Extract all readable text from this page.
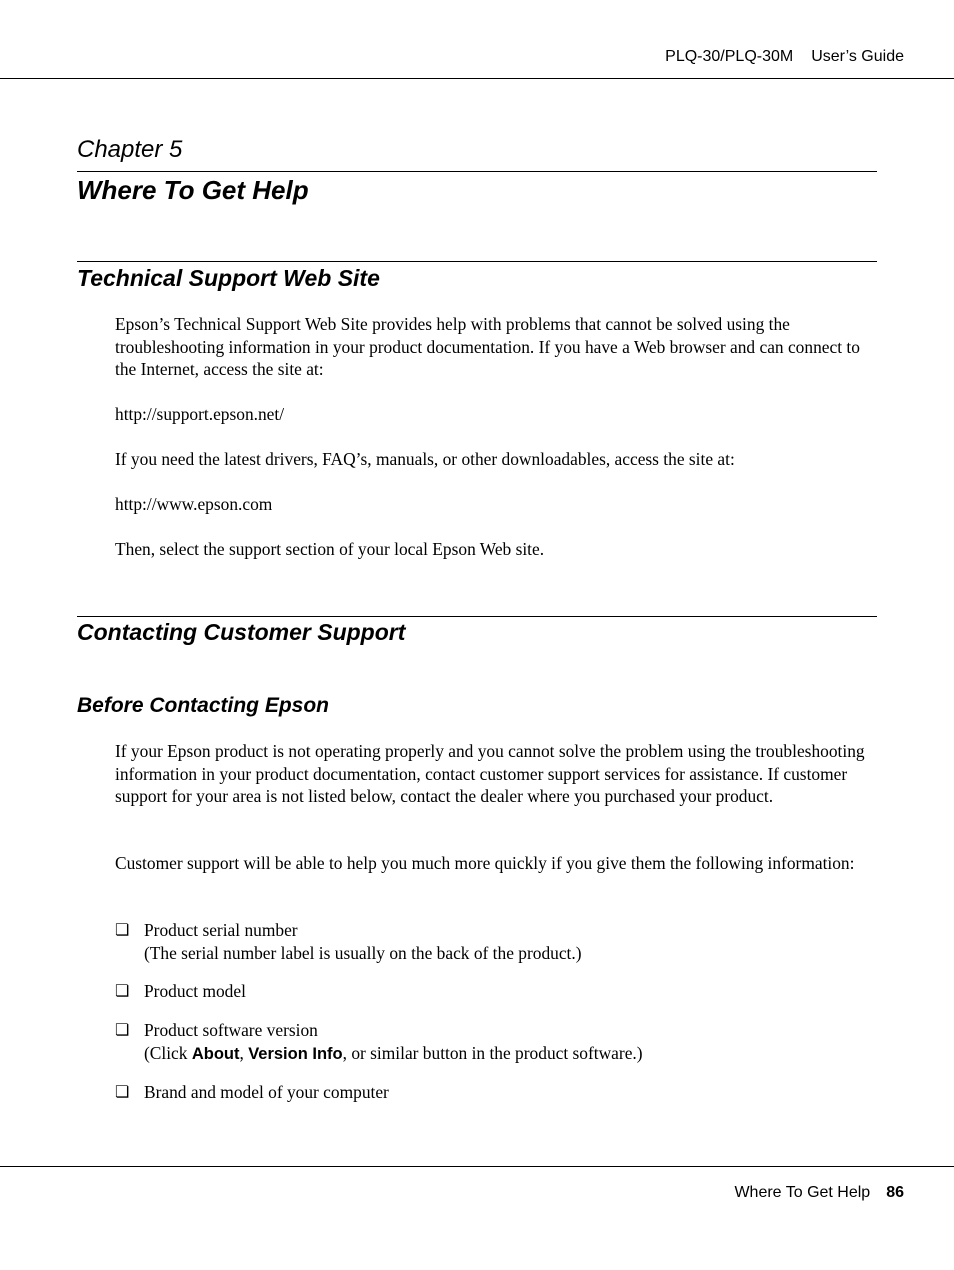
PLQ-30/PLQ-30M User’s Guide
Chapter 5
Where To Get Help
Technical Support Web Site

Epson’s Technical Support Web Site provides help with problems that cannot be solved using the troubleshooting information in your product documentation. If you have a Web browser and can connect to the Internet, access the site at:

http://support.epson.net/

If you need the latest drivers, FAQ’s, manuals, or other downloadables, access the site at:

http://www.epson.com

Then, select the support section of your local Epson Web site.

Contacting Customer Support
Before Contacting Epson

If your Epson product is not operating properly and you cannot solve the problem using the troubleshooting information in your product documentation, contact customer support services for assistance. If customer support for your area is not listed below, contact the dealer where you purchased your product.

Customer support will be able to help you much more quickly if you give them the following information:

❏ Product serial number
(The serial number label is usually on the back of the product.)
❏ Product model
❏ Product software version
(Click About, Version Info, or similar button in the product software.)
❏ Brand and model of your computer
Where To Get Help 86
